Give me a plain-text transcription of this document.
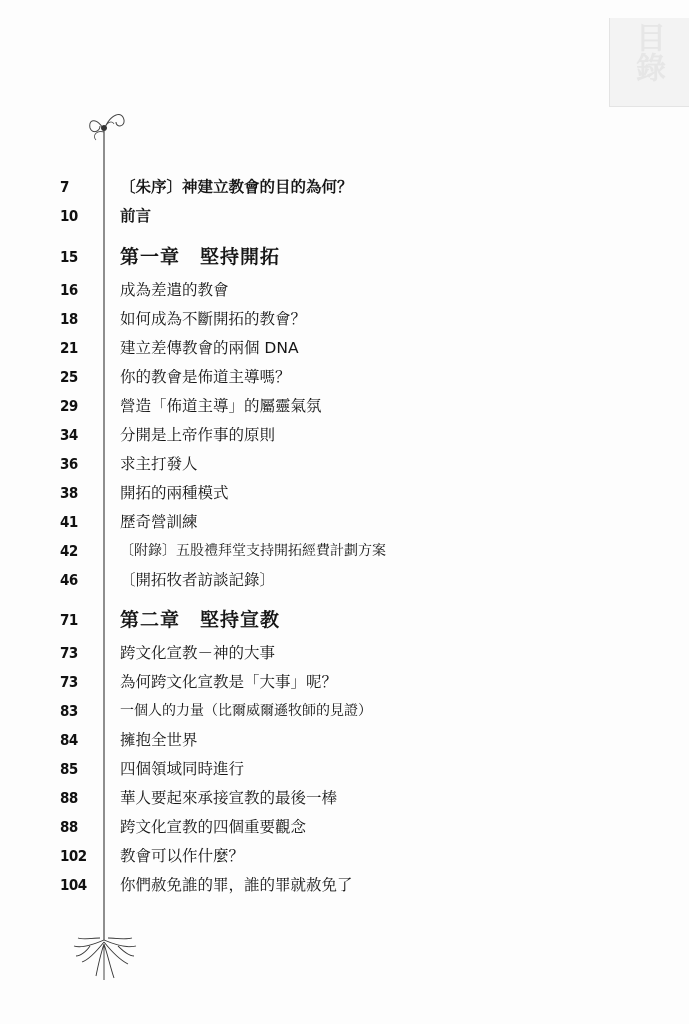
目錄
7	〔朱序〕神建立教會的目的為何？
10	前言
15	第一章　堅持開拓
16	成為差遣的教會
18	如何成為不斷開拓的教會？
21	建立差傳教會的兩個 DNA
25	你的教會是佈道主導嗎？
29	營造「佈道主導」的屬靈氣氛
34	分開是上帝作事的原則
36	求主打發人
38	開拓的兩種模式
41	歷奇營訓練
42	〔附錄〕五股禮拜堂支持開拓經費計劃方案
46	〔開拓牧者訪談記錄〕
71	第二章　堅持宣教
73	跨文化宣教－神的大事
73	為何跨文化宣教是「大事」呢？
83	一個人的力量（比爾威爾遜牧師的見證）
84	擁抱全世界
85	四個領域同時進行
88	華人要起來承接宣教的最後一棒
88	跨文化宣教的四個重要觀念
102	教會可以作什麼？
104	你們赦免誰的罪，誰的罪就赦免了
